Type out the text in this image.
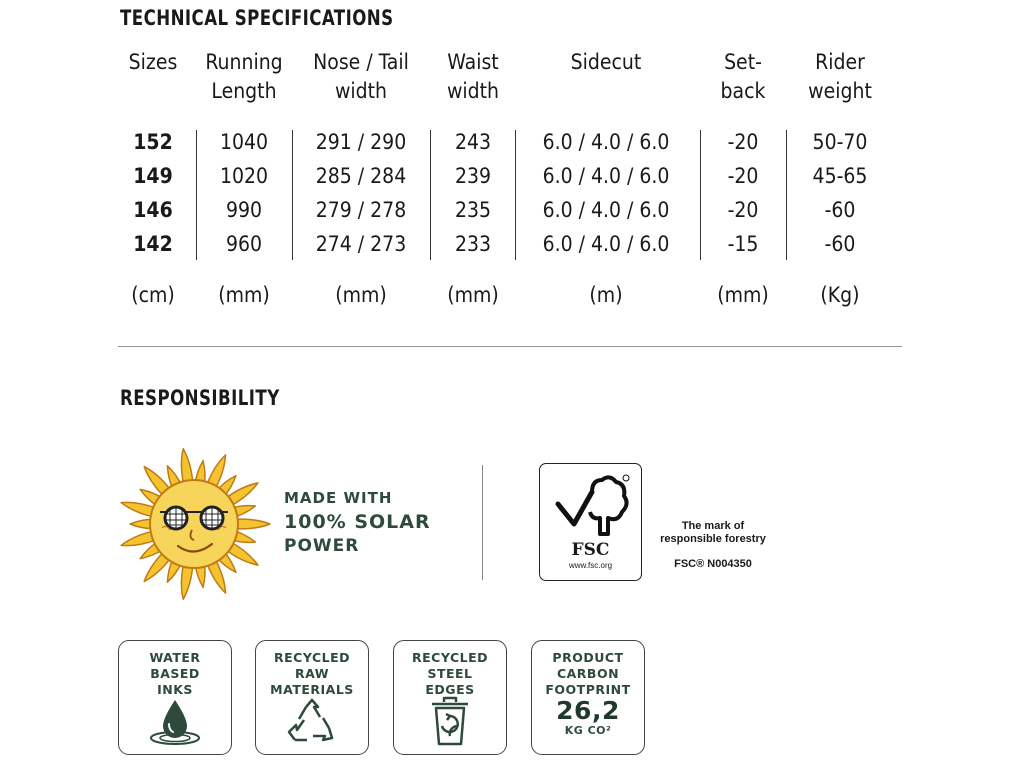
TECHNICAL SPECIFICATIONS
Sizes
152
149
146
142
(cm)
Running
Length
1040
1020
990
960
(mm)
Nose / Tail
width
291 / 290
285 / 284
279 / 278
274 / 273
(mm)
Waist
width
243
239
235
233
(mm)
Sidecut
6.0 / 4.0 / 6.0
6.0 / 4.0 / 6.0
6.0 / 4.0 / 6.0
6.0 / 4.0 / 6.0
(m)
Set-
back
-20
-20
-20
-15
(mm)
Rider
weight
50-70
45-65
-60
-60
(Kg)
RESPONSIBILITY
MADE WITH
100% SOLAR
POWER	FSC
www.fsc.org
The mark of
responsible forestry
FSC® N004350
WATER
BASED
INKS
RECYCLED
RAW
MATERIALS
RECYCLED
STEEL
EDGES
PRODUCT
CARBON
FOOTPRINT
26,2
KG CO²
